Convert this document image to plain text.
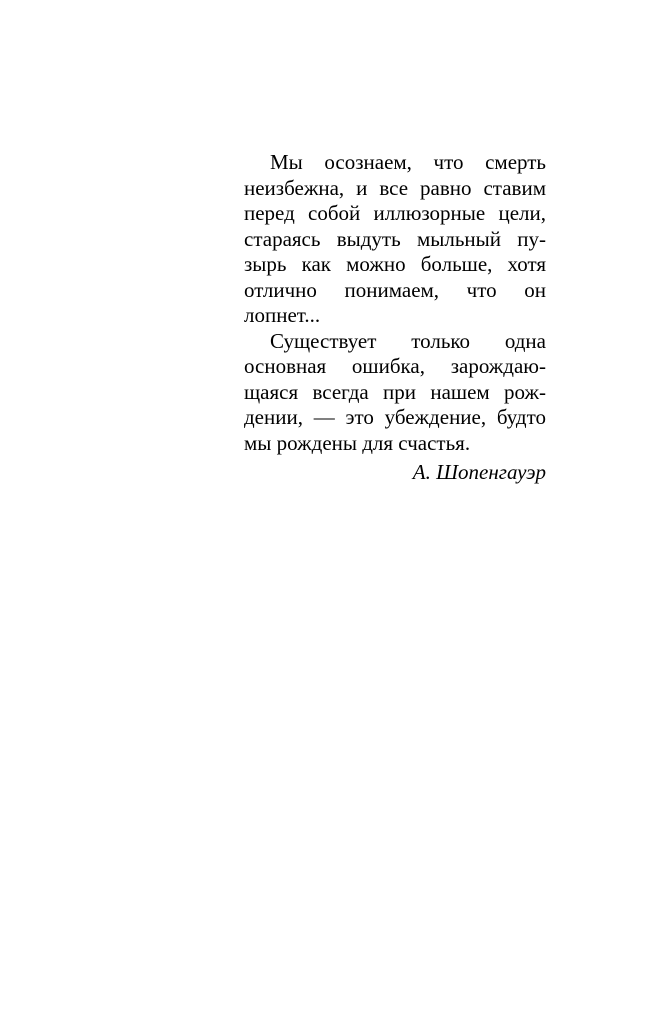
Мы осознаем, что смерть
неизбежна, и все равно ставим
перед собой иллюзорные цели,
стараясь выдуть мыльный пу-
зырь как можно больше, хотя
отлично понимаем, что он
лопнет...
Существует только одна
основная ошибка, зарождаю-
щаяся всегда при нашем рож-
дении, — это убеждение, будто
мы рождены для счастья.
А. Шопенгауэр
